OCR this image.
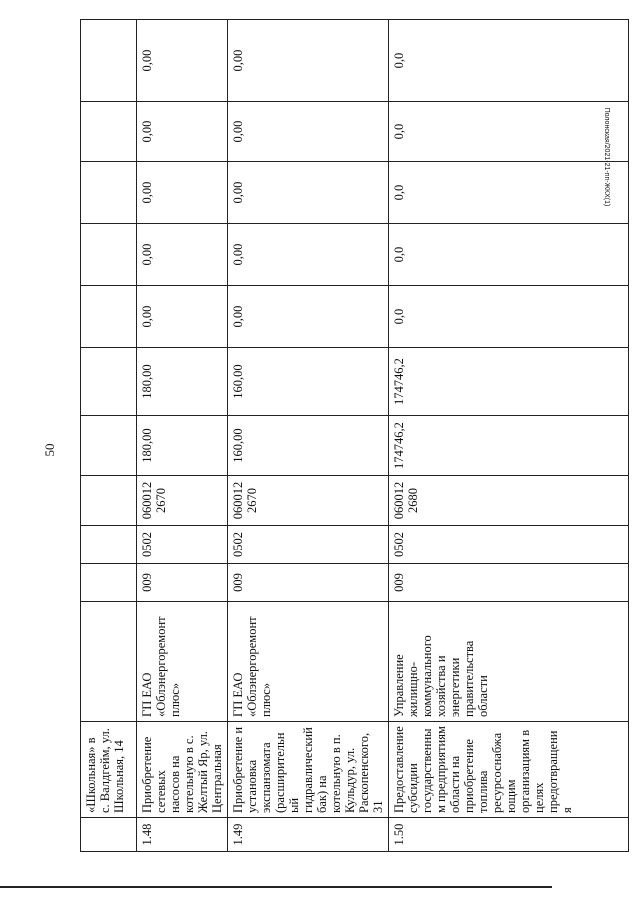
50
Полонская/2021-21-пп-ЖКХ(1)
	«Школьная» в с. Валдгейм, ул. Школьная, 14											
1.48	Приобретение сетевых насосов на котельную в с. Желтый Яр, ул. Центральная	ГП ЕАО «Облэнергоремонт плюс»	009	0502	060012 2670	180,00	180,00	0,00	0,00	0,00	0,00	0,00
1.49	Приобретение и установка экспанзомата (расширительный гидравлический бак) на котельную в п. Кульдур, ул. Раскопенского, 31	ГП ЕАО «Облэнергоремонт плюс»	009	0502	060012 2670	160,00	160,00	0,00	0,00	0,00	0,00	0,00
1.50	Предоставление субсидии государственным предприятиям области на приобретение топлива ресурсоснабжающим организациям в целях предотвращения	Управление жилищно-коммунального хозяйства и энергетики правительства области	009	0502	060012 2680	174746,2	174746,2	0,0	0,0	0,0	0,0	0,0
